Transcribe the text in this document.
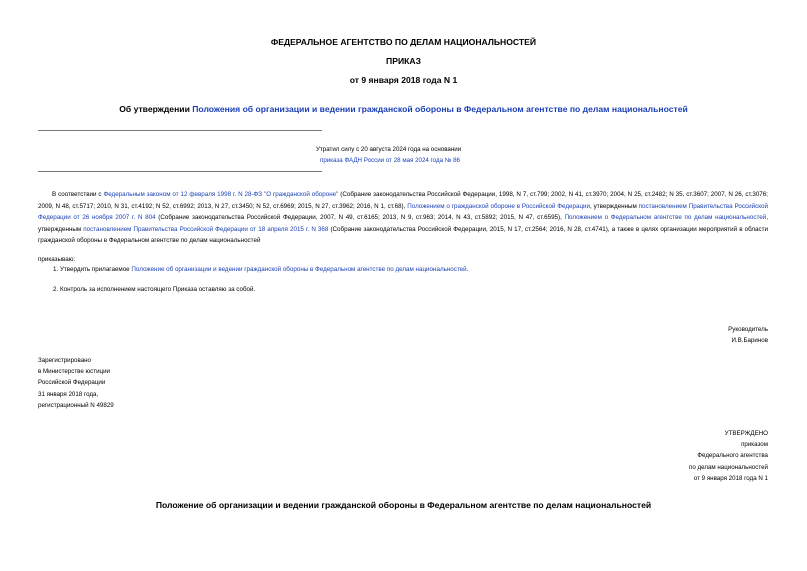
ФЕДЕРАЛЬНОЕ АГЕНТСТВО ПО ДЕЛАМ НАЦИОНАЛЬНОСТЕЙ
ПРИКАЗ
от 9 января 2018 года N 1
Об утверждении Положения об организации и ведении гражданской обороны в Федеральном агентстве по делам национальностей
Утратил силу с 20 августа 2024 года на основании
приказа ФАДН России от 28 мая 2024 года № 86
В соответствии с Федеральным законом от 12 февраля 1998 г. N 28-ФЗ "О гражданской обороне" (Собрание законодательства Российской Федерации, 1998, N 7, ст.799; 2002, N 41, ст.3970; 2004, N 25, ст.2482; N 35, ст.3607; 2007, N 26, ст.3076; 2009, N 48, ст.5717; 2010, N 31, ст.4192; N 52, ст.6992; 2013, N 27, ст.3450; N 52, ст.6969; 2015, N 27, ст.3962; 2016, N 1, ст.68), Положением о гражданской обороне в Российской Федерации, утвержденным постановлением Правительства Российской Федерации от 26 ноября 2007 г. N 804 (Собрание законодательства Российской Федерации, 2007, N 49, ст.6165; 2013, N 9, ст.963; 2014, N 43, ст.5892; 2015, N 47, ст.6595), Положением о Федеральном агентстве по делам национальностей, утвержденным постановлением Правительства Российской Федерации от 18 апреля 2015 г. N 368 (Собрание законодательства Российской Федерации, 2015, N 17, ст.2564; 2016, N 28, ст.4741), а также в целях организации мероприятий в области гражданской обороны в Федеральном агентстве по делам национальностей
приказываю:
1. Утвердить прилагаемое Положение об организации и ведении гражданской обороны в Федеральном агентстве по делам национальностей.
2. Контроль за исполнением настоящего Приказа оставляю за собой.
Руководитель
И.В.Баринов
Зарегистрировано
в Министерстве юстиции
Российской Федерации
31 января 2018 года,
регистрационный N 49829
УТВЕРЖДЕНО
приказом
Федерального агентства
по делам национальностей
от 9 января 2018 года N 1
Положение об организации и ведении гражданской обороны в Федеральном агентстве по делам национальностей
